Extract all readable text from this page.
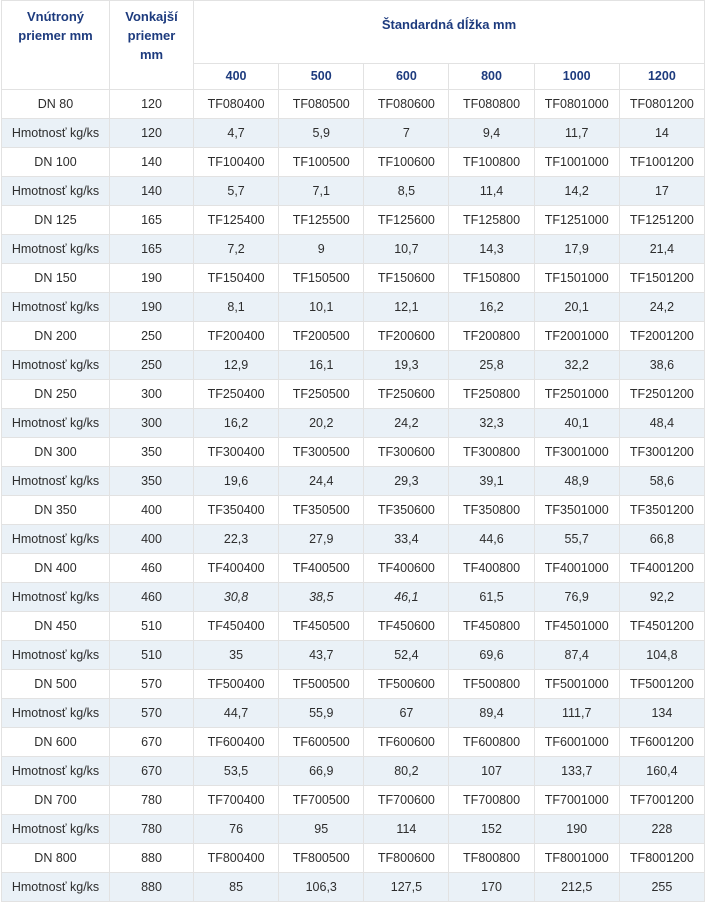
Vnútroný priemer mm	Vonkajší priemer mm	Štandardná dĺžka mm					
		400	500	600	800	1000	1200
DN 80	120	TF080400	TF080500	TF080600	TF080800	TF0801000	TF0801200
Hmotnosť kg/ks	120	4,7	5,9	7	9,4	11,7	14
DN 100	140	TF100400	TF100500	TF100600	TF100800	TF1001000	TF1001200
Hmotnosť kg/ks	140	5,7	7,1	8,5	11,4	14,2	17
DN 125	165	TF125400	TF125500	TF125600	TF125800	TF1251000	TF1251200
Hmotnosť kg/ks	165	7,2	9	10,7	14,3	17,9	21,4
DN 150	190	TF150400	TF150500	TF150600	TF150800	TF1501000	TF1501200
Hmotnosť kg/ks	190	8,1	10,1	12,1	16,2	20,1	24,2
DN 200	250	TF200400	TF200500	TF200600	TF200800	TF2001000	TF2001200
Hmotnosť kg/ks	250	12,9	16,1	19,3	25,8	32,2	38,6
DN 250	300	TF250400	TF250500	TF250600	TF250800	TF2501000	TF2501200
Hmotnosť kg/ks	300	16,2	20,2	24,2	32,3	40,1	48,4
DN 300	350	TF300400	TF300500	TF300600	TF300800	TF3001000	TF3001200
Hmotnosť kg/ks	350	19,6	24,4	29,3	39,1	48,9	58,6
DN 350	400	TF350400	TF350500	TF350600	TF350800	TF3501000	TF3501200
Hmotnosť kg/ks	400	22,3	27,9	33,4	44,6	55,7	66,8
DN 400	460	TF400400	TF400500	TF400600	TF400800	TF4001000	TF4001200
Hmotnosť kg/ks	460	30,8	38,5	46,1	61,5	76,9	92,2
DN 450	510	TF450400	TF450500	TF450600	TF450800	TF4501000	TF4501200
Hmotnosť kg/ks	510	35	43,7	52,4	69,6	87,4	104,8
DN 500	570	TF500400	TF500500	TF500600	TF500800	TF5001000	TF5001200
Hmotnosť kg/ks	570	44,7	55,9	67	89,4	111,7	134
DN 600	670	TF600400	TF600500	TF600600	TF600800	TF6001000	TF6001200
Hmotnosť kg/ks	670	53,5	66,9	80,2	107	133,7	160,4
DN 700	780	TF700400	TF700500	TF700600	TF700800	TF7001000	TF7001200
Hmotnosť kg/ks	780	76	95	114	152	190	228
DN 800	880	TF800400	TF800500	TF800600	TF800800	TF8001000	TF8001200
Hmotnosť kg/ks	880	85	106,3	127,5	170	212,5	255
